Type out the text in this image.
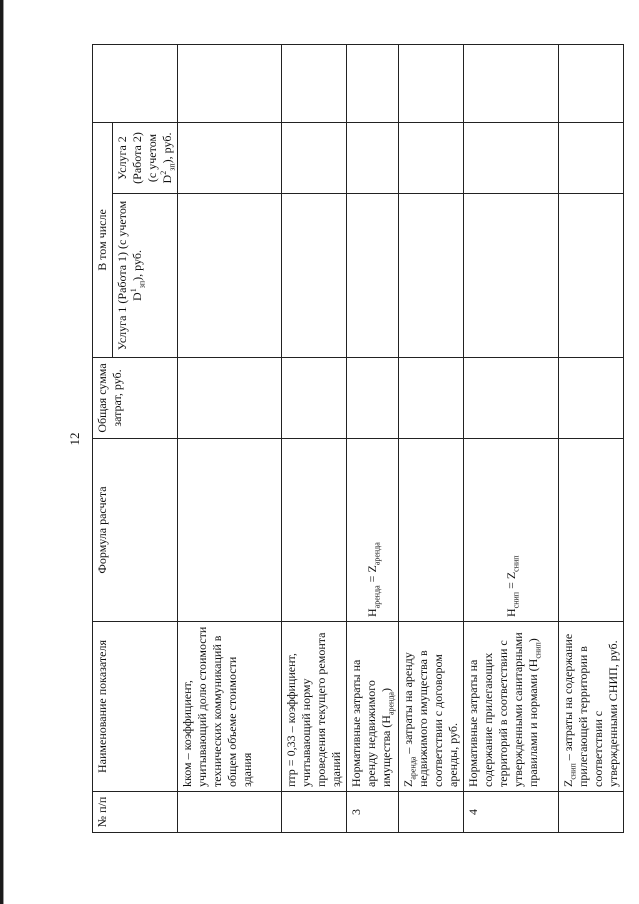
12
№ п/п	Наименование показателя	Формула расчета	Общая сумма затрат, руб.	В том числе		
				Услуга 1 (Работа 1) (с учетом $D^1_{зп}$), руб.	Услуга 2 (Работа 2) (с учетом $D^2_{зп}$), руб.	
	kком – коэффициент, учитывающий долю стоимости технических коммуникаций в общем объеме стоимости здания					
	птр = 0,33 – коэффициент, учитывающий норму проведения текущего ремонта зданий					
3	Нормативные затраты на аренду недвижимого имущества $(H_{аренда})$	$H_{аренда} = Z_{аренда}$				
	$Z_{аренда}$ – затраты на аренду недвижимого имущества в соответствии с договором аренды, руб.					
4	Нормативные затраты на содержание прилегающих территорий в соответствии с утвержденными санитарными правилами и нормами $(H_{снип})$	$H_{снип} = Z_{снип}$				
	$Z_{снип}$ – затраты на содержание прилегающей территории в соответствии с утвержденными СНИП, руб.					
